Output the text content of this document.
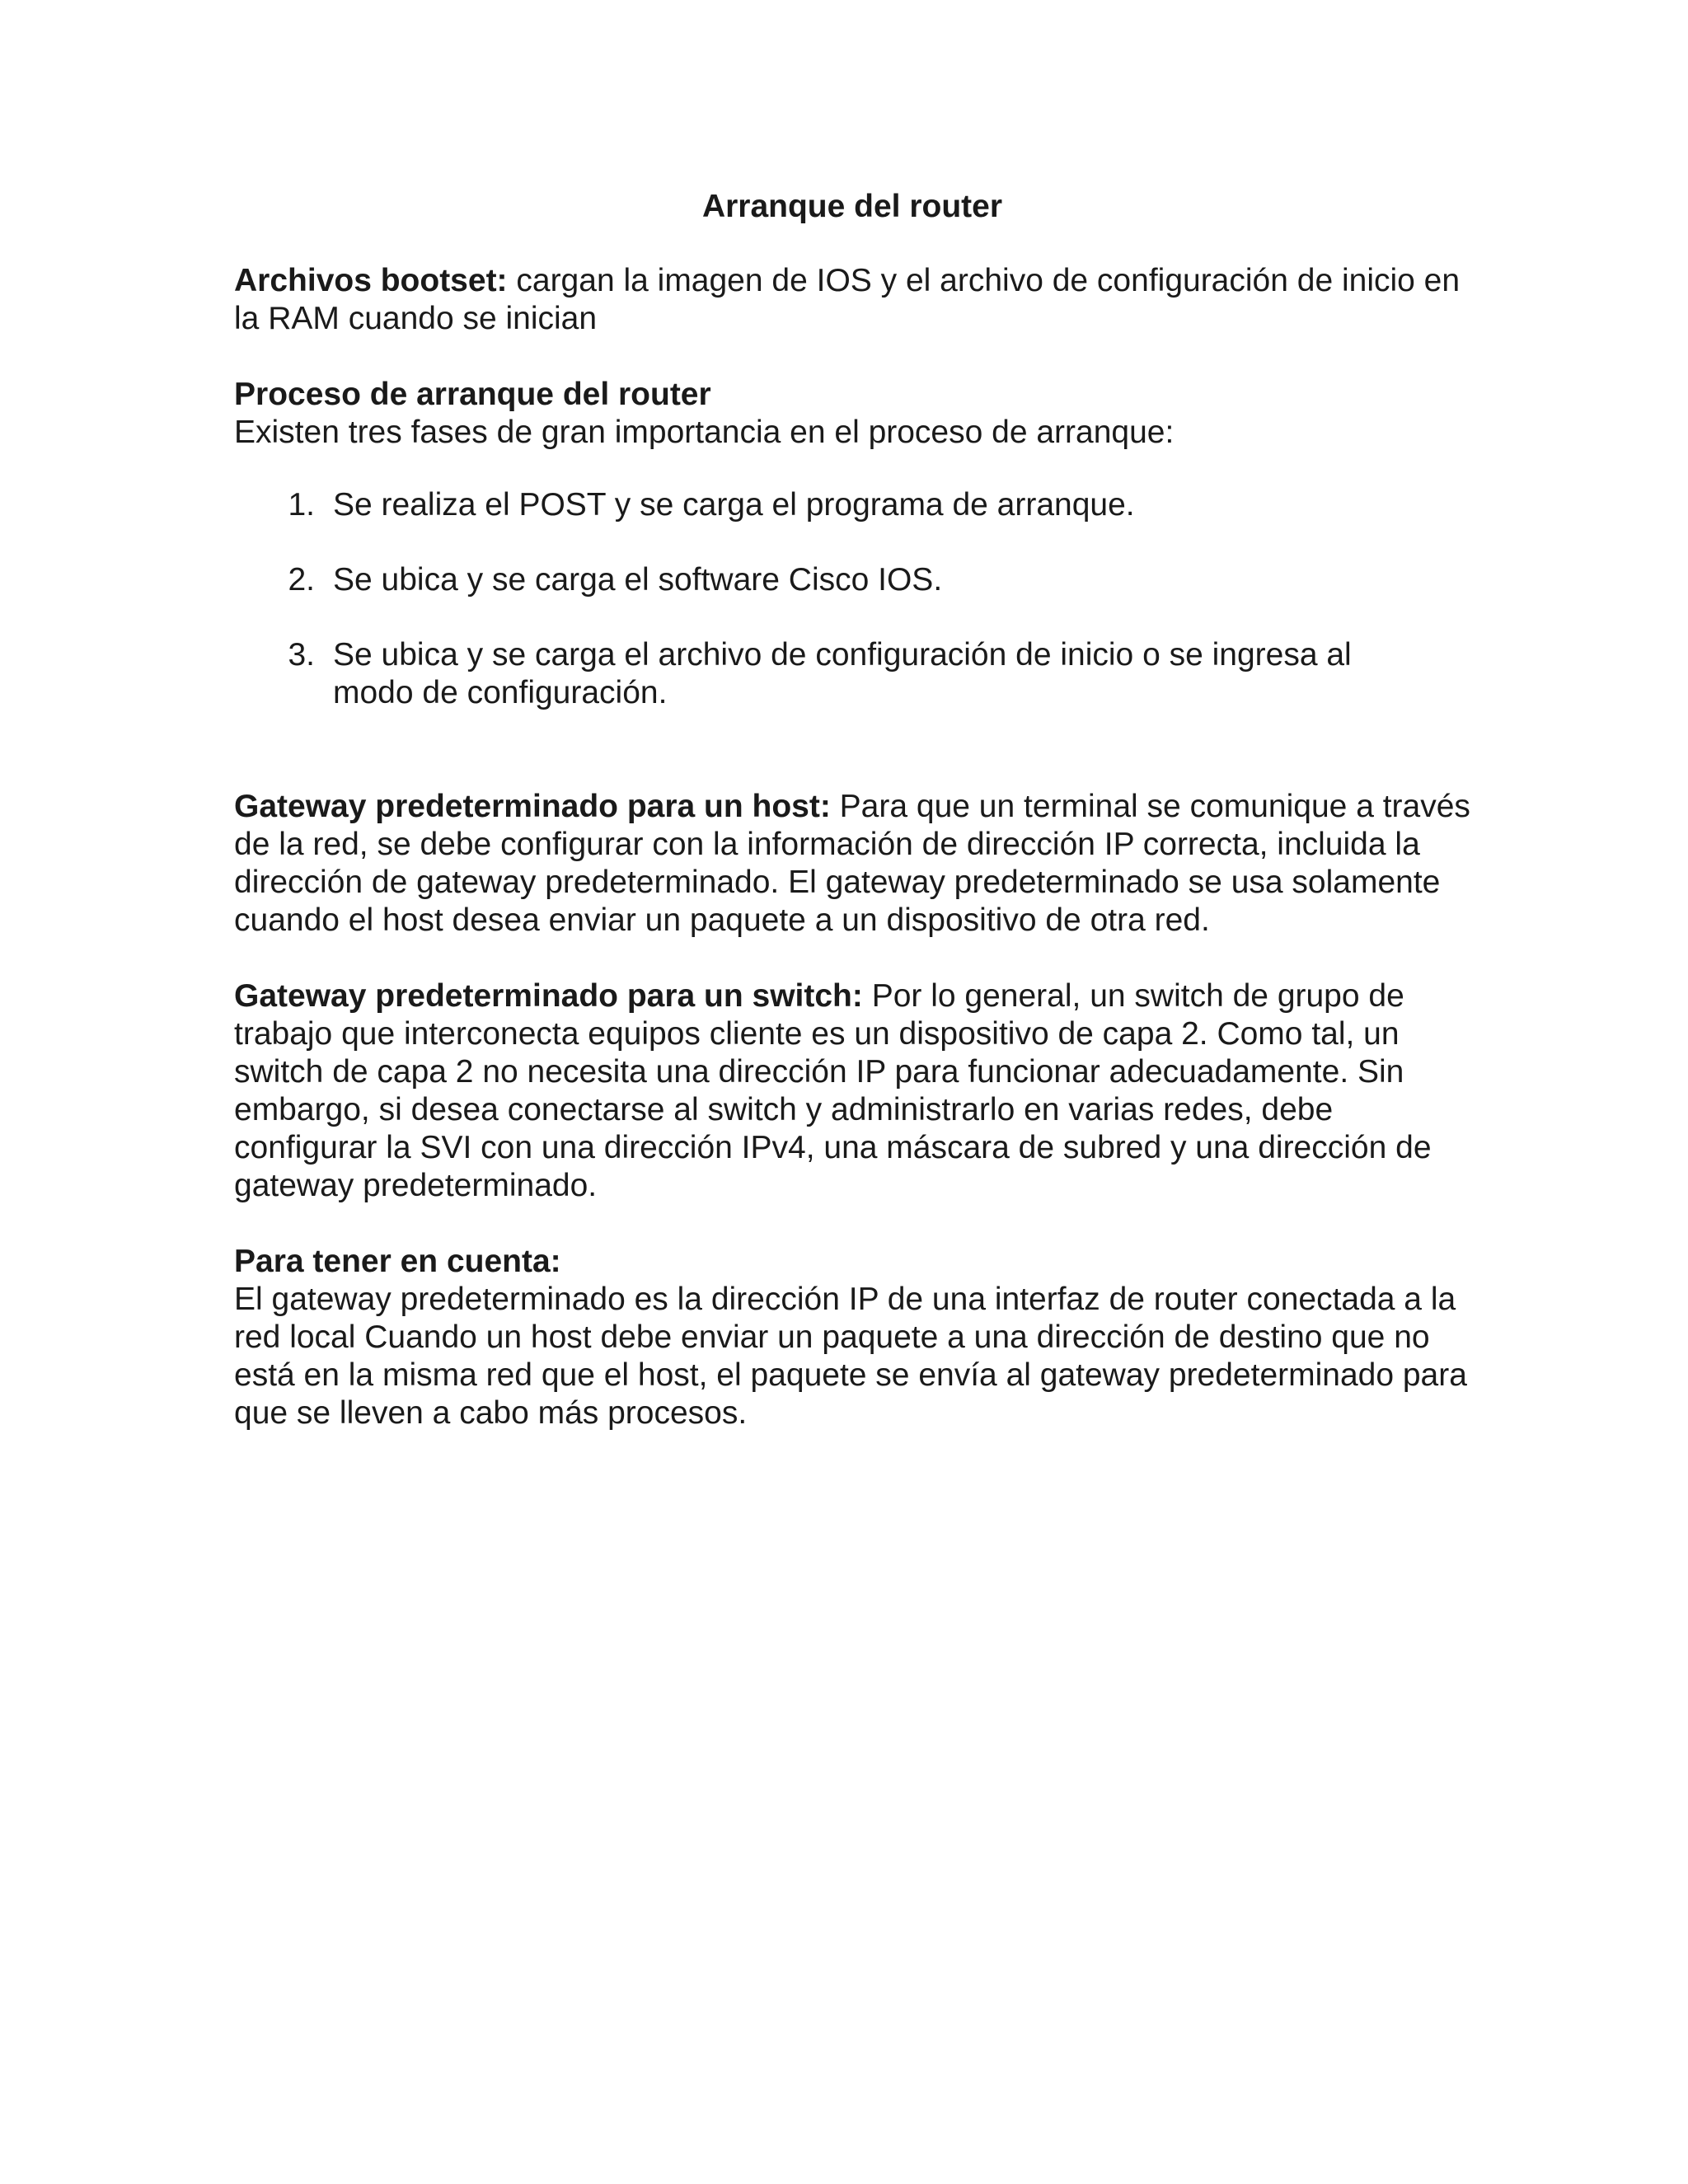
Arranque del router

Archivos bootset: cargan la imagen de IOS y el archivo de configuración de inicio en la RAM cuando se inician

Proceso de arranque del router

Existen tres fases de gran importancia en el proceso de arranque:

1. Se realiza el POST y se carga el programa de arranque.
2. Se ubica y se carga el software Cisco IOS.
3. Se ubica y se carga el archivo de configuración de inicio o se ingresa al modo de configuración.

Gateway predeterminado para un host: Para que un terminal se comunique a través de la red, se debe configurar con la información de dirección IP correcta, incluida la dirección de gateway predeterminado. El gateway predeterminado se usa solamente cuando el host desea enviar un paquete a un dispositivo de otra red.

Gateway predeterminado para un switch: Por lo general, un switch de grupo de trabajo que interconecta equipos cliente es un dispositivo de capa 2. Como tal, un switch de capa 2 no necesita una dirección IP para funcionar adecuadamente. Sin embargo, si desea conectarse al switch y administrarlo en varias redes, debe configurar la SVI con una dirección IPv4, una máscara de subred y una dirección de gateway predeterminado.

Para tener en cuenta:

El gateway predeterminado es la dirección IP de una interfaz de router conectada a la red local Cuando un host debe enviar un paquete a una dirección de destino que no está en la misma red que el host, el paquete se envía al gateway predeterminado para que se lleven a cabo más procesos.
